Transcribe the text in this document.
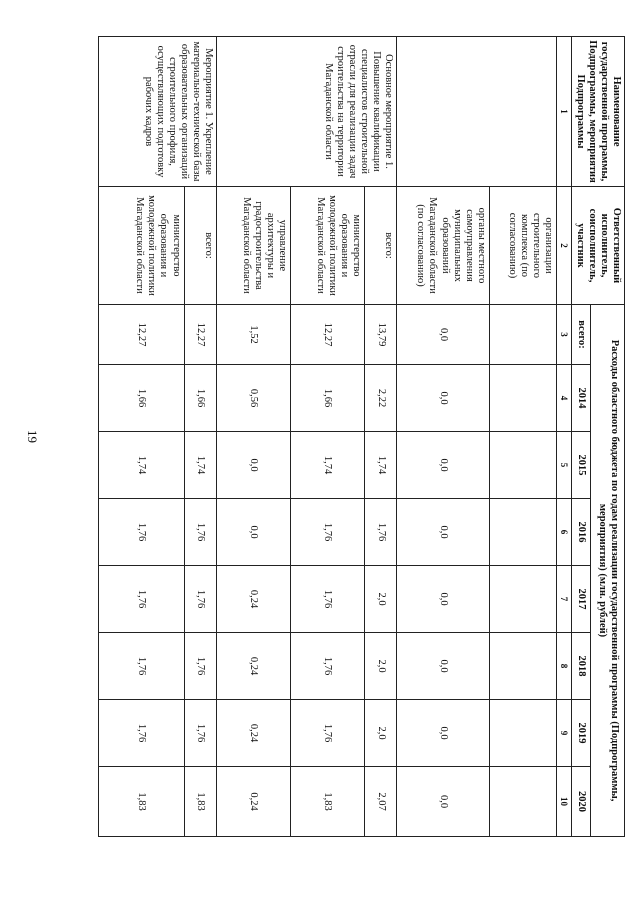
19
Наименование государственной программы, Подпрограммы, мероприятия Подпрограммы	Ответственный исполнитель, соисполнитель, участник	Расходы областного бюджета по годам реализации государственной программы (Подпрограммы, мероприятия) (млн. рублей)							
		всего:	2014	2015	2016	2017	2018	2019	2020
1	2	3	4	5	6	7	8	9	10
	организации строительного комплекса (по согласованию)								
	органы местного самоуправления муниципальных образований Магаданской области (по согласованию)	0,0	0,0	0,0	0,0	0,0	0,0	0,0	0,0
Основное мероприятие 1. Повышение квалификации специалистов строительной отрасли для реализации задач строительства на территории Магаданской области	всего:	13,79	2,22	1,74	1,76	2,0	2,0	2,0	2,07
	министерство образования и молодежной политики Магаданской области	12,27	1,66	1,74	1,76	1,76	1,76	1,76	1,83
	управление архитектуры и градостроительства Магаданской области	1,52	0,56	0,0	0,0	0,24	0,24	0,24	0,24
Мероприятие 1. Укрепление материально-технической базы образовательных организаций строительного профиля, осуществляющих подготовку рабочих кадров	всего:	12,27	1,66	1,74	1,76	1,76	1,76	1,76	1,83
	министерство образования и молодежной политики Магаданской области	12,27	1,66	1,74	1,76	1,76	1,76	1,76	1,83
